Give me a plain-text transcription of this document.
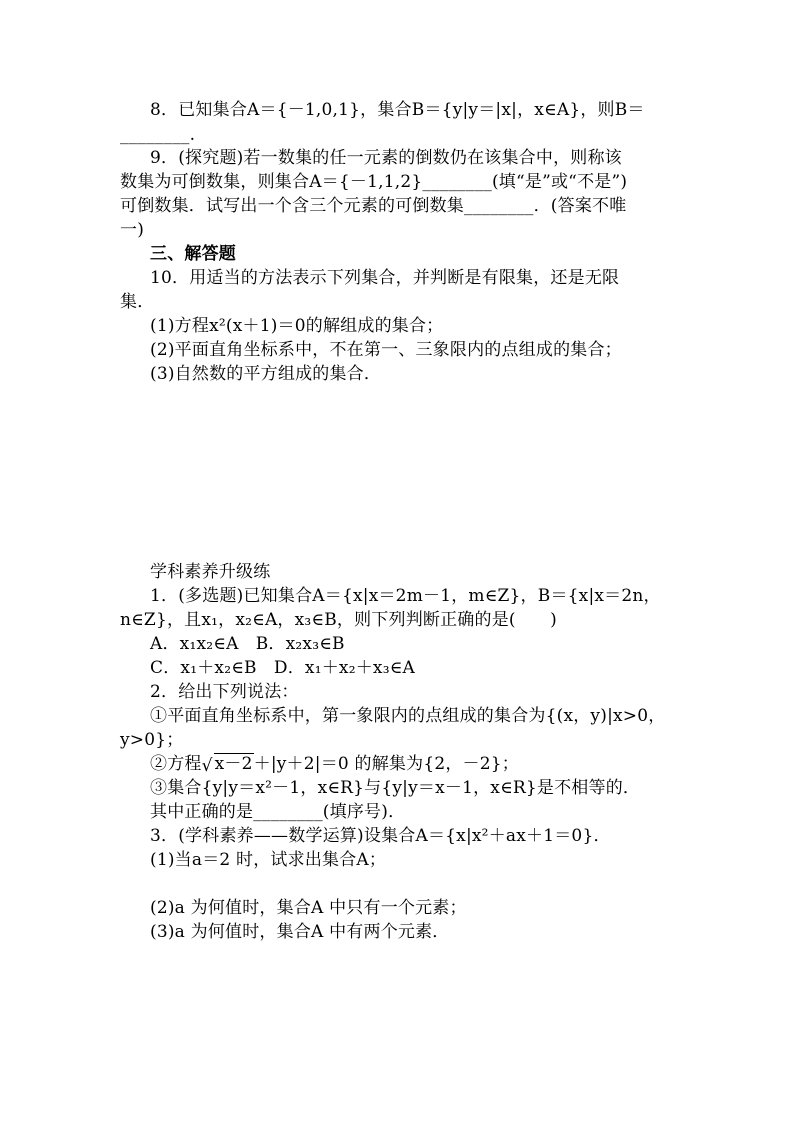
8．已知集合A＝{－1,0,1}，集合B＝{y|y＝|x|，x∈A}，则B＝
________.
9．(探究题)若一数集的任一元素的倒数仍在该集合中，则称该
数集为可倒数集，则集合A＝{－1,1,2}________(填“是”或“不是”)
可倒数集．试写出一个含三个元素的可倒数集________．(答案不唯
一)
三、解答题
10．用适当的方法表示下列集合，并判断是有限集，还是无限
集．
(1)方程x²(x＋1)＝0的解组成的集合；
(2)平面直角坐标系中，不在第一、三象限内的点组成的集合；
(3)自然数的平方组成的集合．
学科素养升级练
1．(多选题)已知集合A＝{x|x＝2m－1，m∈Z}，B＝{x|x＝2n，
n∈Z}，且x₁，x₂∈A，x₃∈B，则下列判断正确的是(　　)
A．x₁x₂∈A　B．x₂x₃∈B
C．x₁＋x₂∈B　D．x₁＋x₂＋x₃∈A
2．给出下列说法：
①平面直角坐标系中，第一象限内的点组成的集合为{(x，y)|x>0，
y>0}；
②方程 √ x－2＋|y＋2|＝0 的解集为{2，－2}；
③集合{y|y＝x²－1，x∈R}与{y|y＝x－1，x∈R}是不相等的．
其中正确的是________(填序号)．
3．(学科素养——数学运算)设集合A＝{x|x²＋ax＋1＝0}．
(1)当a＝2 时，试求出集合A；
(2)a 为何值时，集合A 中只有一个元素；
(3)a 为何值时，集合A 中有两个元素．
